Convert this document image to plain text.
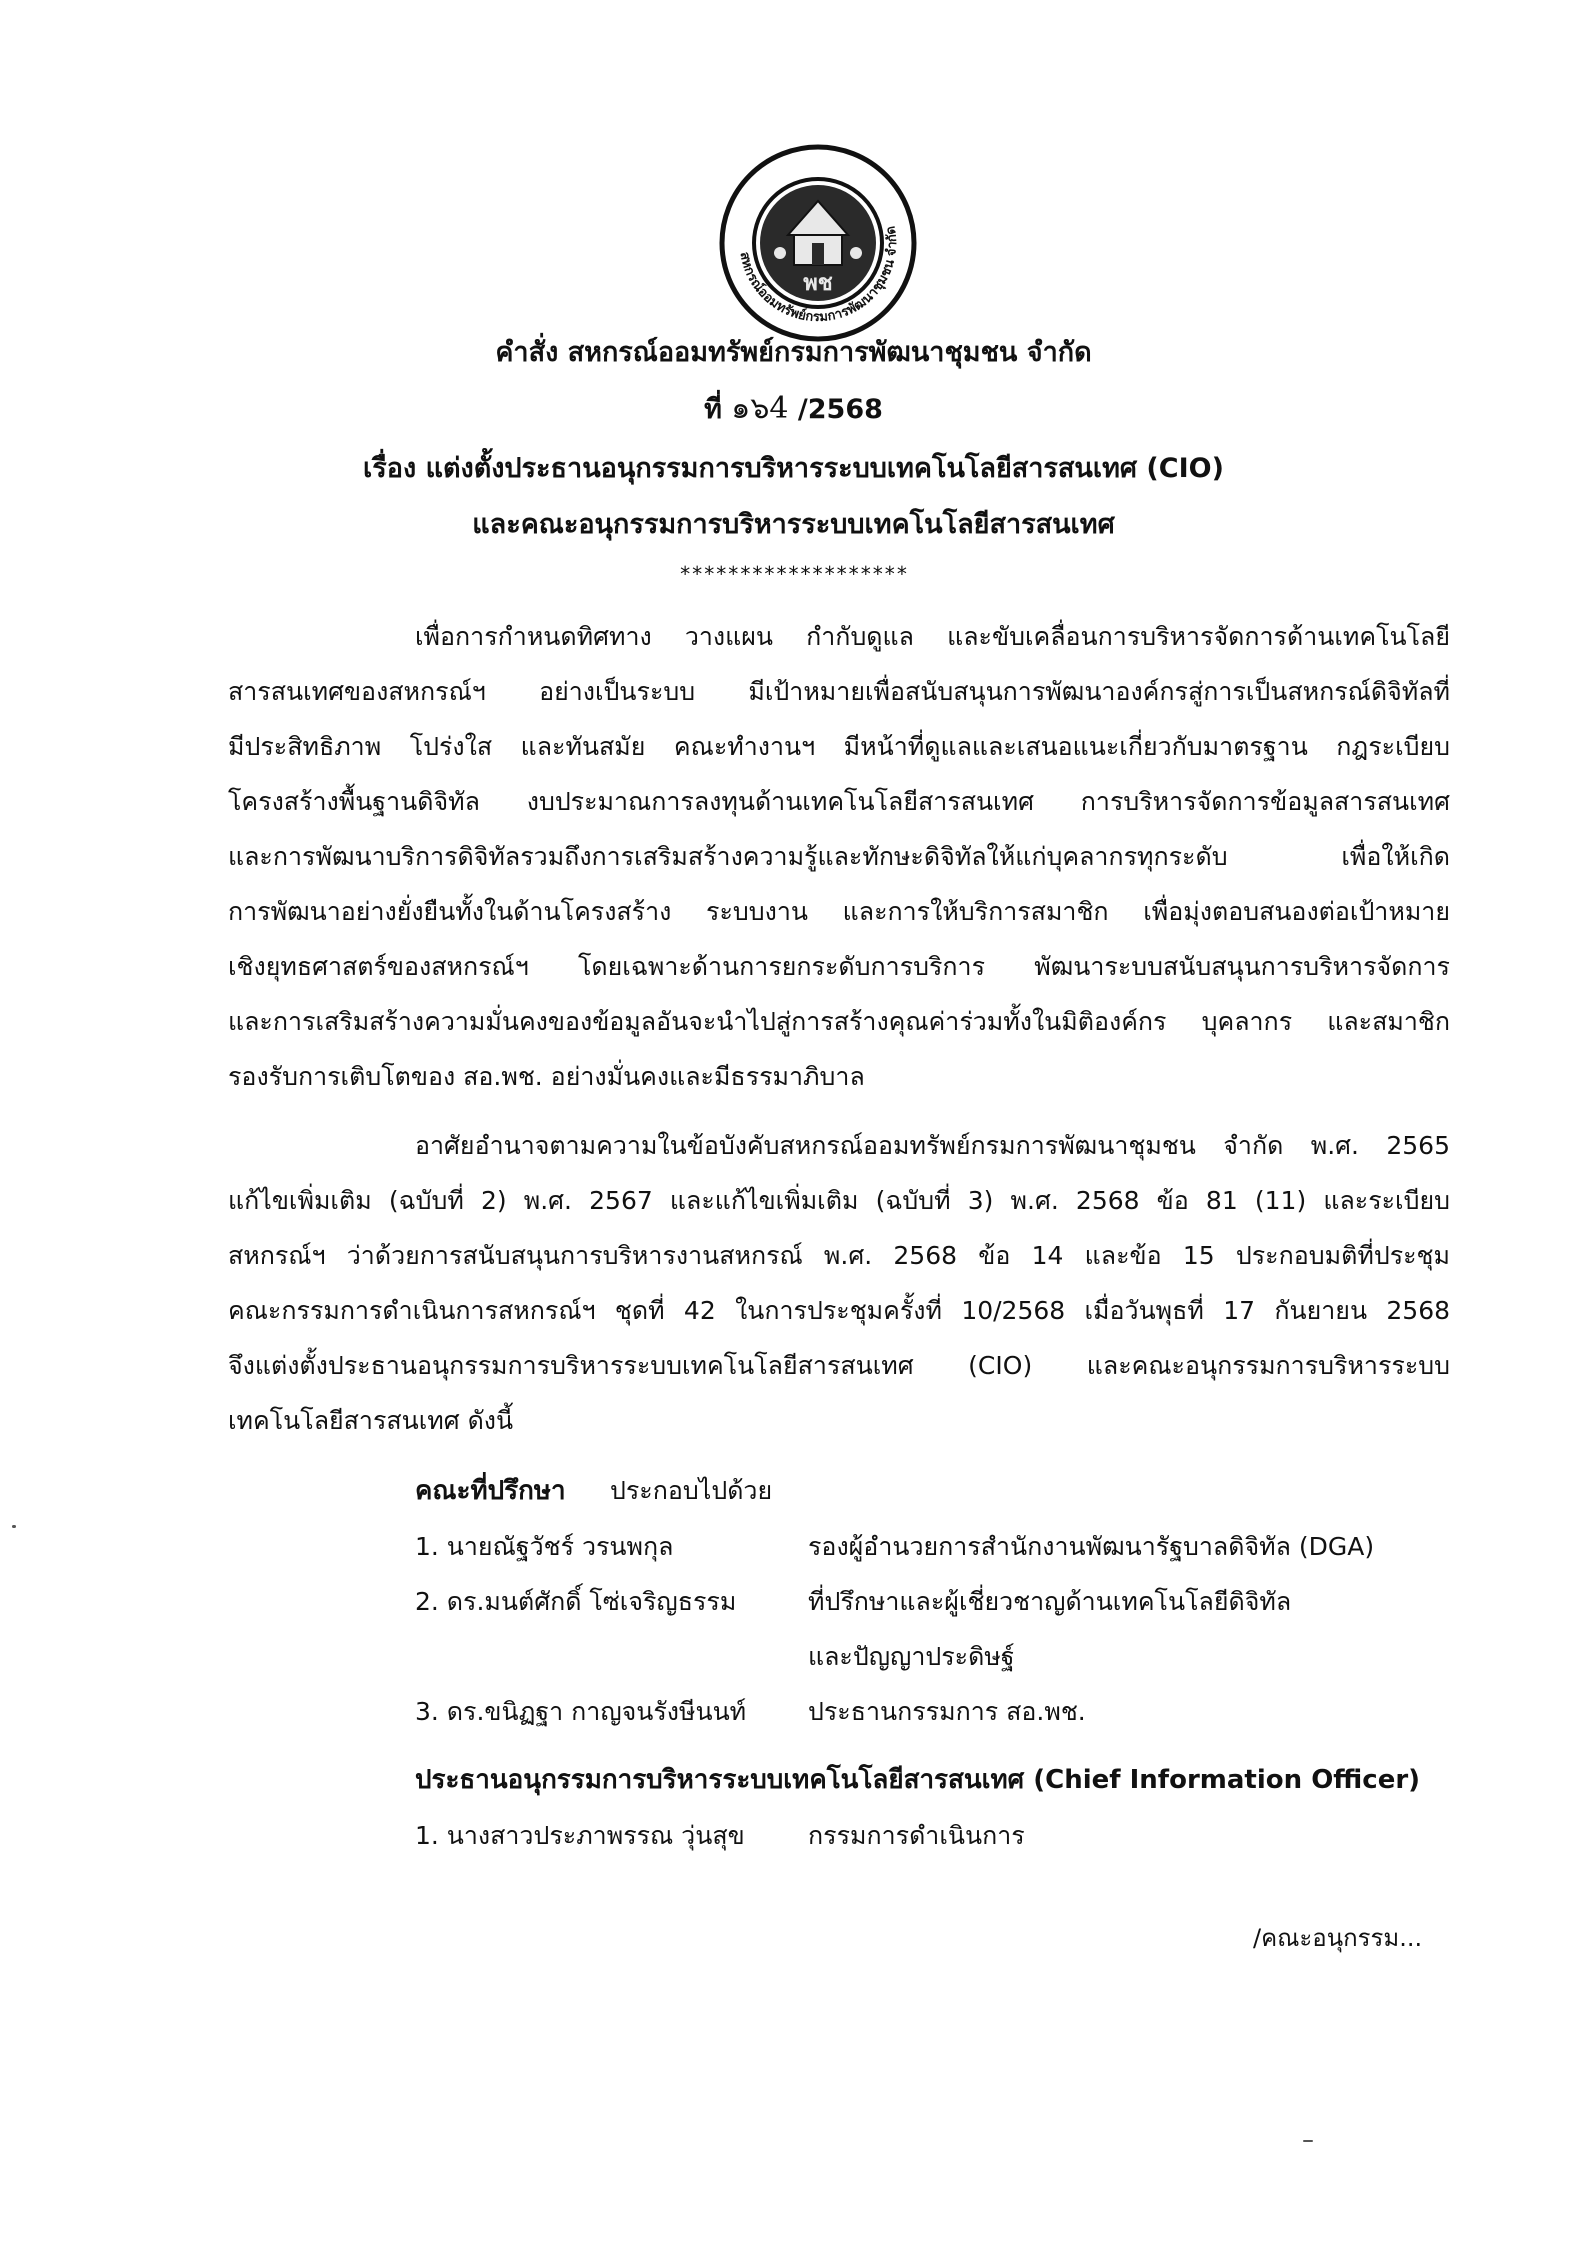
พช
สหกรณ์ออมทรัพย์กรมการพัฒนาชุมชน จำกัด
คำสั่ง สหกรณ์ออมทรัพย์กรมการพัฒนาชุมชน จำกัด
ที่ ๑๖4 /2568
เรื่อง แต่งตั้งประธานอนุกรรมการบริหารระบบเทคโนโลยีสารสนเทศ (CIO)
และคณะอนุกรรมการบริหารระบบเทคโนโลยีสารสนเทศ
*******************
เพื่อการกำหนดทิศทาง วางแผน กำกับดูแล และขับเคลื่อนการบริหารจัดการด้านเทคโนโลยี
สารสนเทศของสหกรณ์ฯ อย่างเป็นระบบ มีเป้าหมายเพื่อสนับสนุนการพัฒนาองค์กรสู่การเป็นสหกรณ์ดิจิทัลที่
มีประสิทธิภาพ โปร่งใส และทันสมัย คณะทำงานฯ มีหน้าที่ดูแลและเสนอแนะเกี่ยวกับมาตรฐาน กฎระเบียบ
โครงสร้างพื้นฐานดิจิทัล งบประมาณการลงทุนด้านเทคโนโลยีสารสนเทศ การบริหารจัดการข้อมูลสารสนเทศ
และการพัฒนาบริการดิจิทัลรวมถึงการเสริมสร้างความรู้และทักษะดิจิทัลให้แก่บุคลากรทุกระดับ เพื่อให้เกิด
การพัฒนาอย่างยั่งยืนทั้งในด้านโครงสร้าง ระบบงาน และการให้บริการสมาชิก เพื่อมุ่งตอบสนองต่อเป้าหมาย
เชิงยุทธศาสตร์ของสหกรณ์ฯ โดยเฉพาะด้านการยกระดับการบริการ พัฒนาระบบสนับสนุนการบริหารจัดการ
และการเสริมสร้างความมั่นคงของข้อมูลอันจะนำไปสู่การสร้างคุณค่าร่วมทั้งในมิติองค์กร บุคลากร และสมาชิก
รองรับการเติบโตของ สอ.พช. อย่างมั่นคงและมีธรรมาภิบาล
อาศัยอำนาจตามความในข้อบังคับสหกรณ์ออมทรัพย์กรมการพัฒนาชุมชน จำกัด พ.ศ. 2565
แก้ไขเพิ่มเติม (ฉบับที่ 2) พ.ศ. 2567 และแก้ไขเพิ่มเติม (ฉบับที่ 3) พ.ศ. 2568 ข้อ 81 (11) และระเบียบ
สหกรณ์ฯ ว่าด้วยการสนับสนุนการบริหารงานสหกรณ์ พ.ศ. 2568 ข้อ 14 และข้อ 15 ประกอบมติที่ประชุม
คณะกรรมการดำเนินการสหกรณ์ฯ ชุดที่ 42 ในการประชุมครั้งที่ 10/2568 เมื่อวันพุธที่ 17 กันยายน 2568
จึงแต่งตั้งประธานอนุกรรมการบริหารระบบเทคโนโลยีสารสนเทศ (CIO) และคณะอนุกรรมการบริหารระบบ
เทคโนโลยีสารสนเทศ ดังนี้
คณะที่ปรึกษา ประกอบไปด้วย
1. นายณัฐวัชร์ วรนพกุล	รองผู้อำนวยการสำนักงานพัฒนารัฐบาลดิจิทัล (DGA)
2. ดร.มนต์ศักดิ์ โซ่เจริญธรรม	ที่ปรึกษาและผู้เชี่ยวชาญด้านเทคโนโลยีดิจิทัล
และปัญญาประดิษฐ์
3. ดร.ขนิฏฐา กาญจนรังษีนนท์ ประธานกรรมการ สอ.พช.
ประธานอนุกรรมการบริหารระบบเทคโนโลยีสารสนเทศ (Chief Information Officer)
1. นางสาวประภาพรรณ วุ่นสุข	กรรมการดำเนินการ
/คณะอนุกรรม...
